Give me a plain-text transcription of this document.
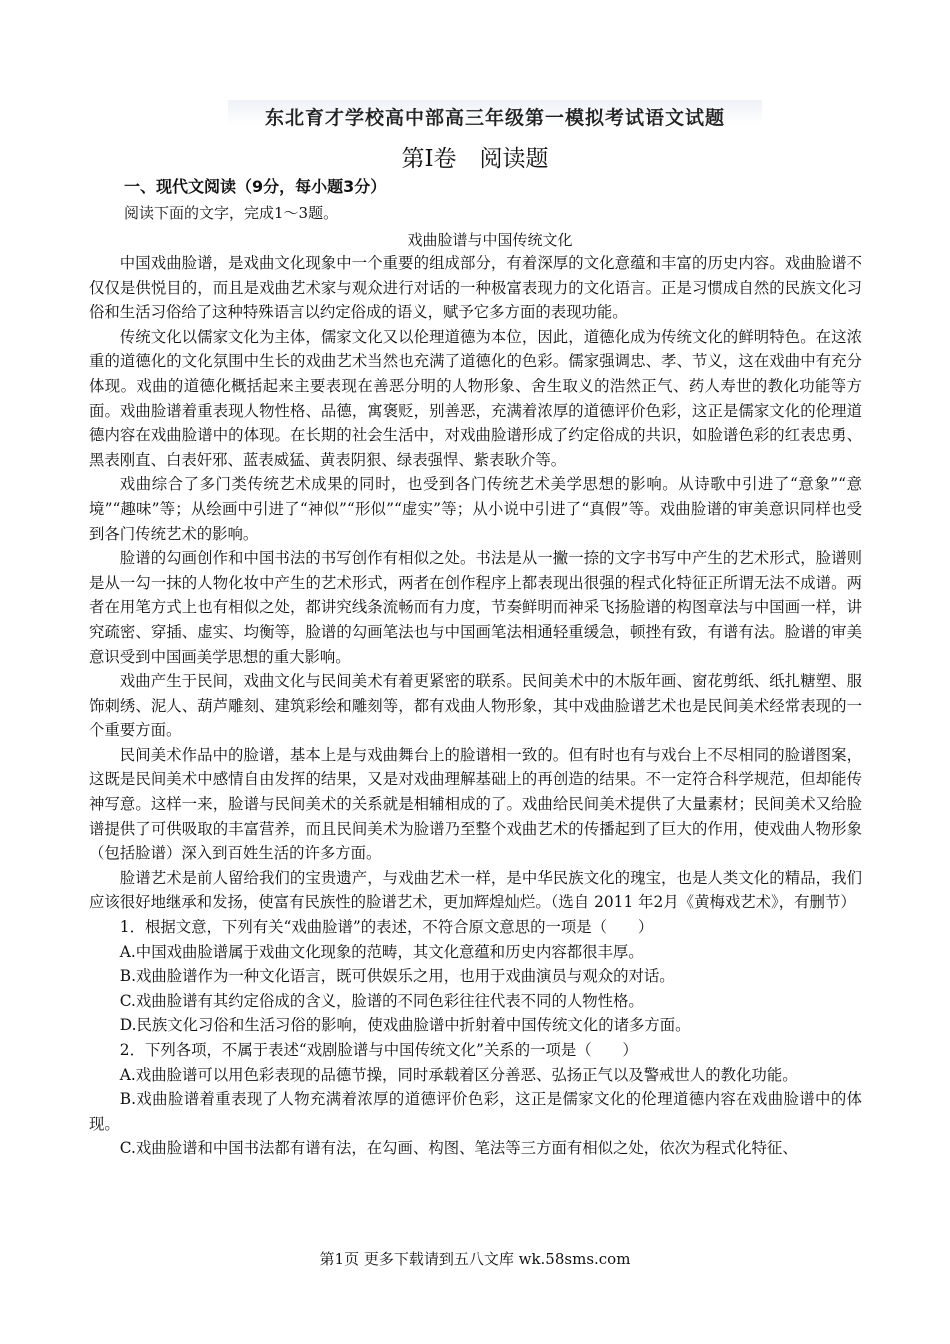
东北育才学校高中部高三年级第一模拟考试语文试题
第Ⅰ卷　阅读题
一、现代文阅读（9分，每小题3分）
阅读下面的文字，完成1～3题。
戏曲脸谱与中国传统文化

中国戏曲脸谱，是戏曲文化现象中一个重要的组成部分，有着深厚的文化意蕴和丰富的历史内容。戏曲脸谱不仅仅是供悦目的，而且是戏曲艺术家与观众进行对话的一种极富表现力的文化语言。正是习惯成自然的民族文化习俗和生活习俗给了这种特殊语言以约定俗成的语义，赋予它多方面的表现功能。

传统文化以儒家文化为主体，儒家文化又以伦理道德为本位，因此，道德化成为传统文化的鲜明特色。在这浓重的道德化的文化氛围中生长的戏曲艺术当然也充满了道德化的色彩。儒家强调忠、孝、节义，这在戏曲中有充分体现。戏曲的道德化概括起来主要表现在善恶分明的人物形象、舍生取义的浩然正气、药人寿世的教化功能等方面。戏曲脸谱着重表现人物性格、品德，寓褒贬，别善恶，充满着浓厚的道德评价色彩，这正是儒家文化的伦理道德内容在戏曲脸谱中的体现。在长期的社会生活中，对戏曲脸谱形成了约定俗成的共识，如脸谱色彩的红表忠勇、黑表刚直、白表奸邪、蓝表威猛、黄表阴狠、绿表强悍、紫表耿介等。

戏曲综合了多门类传统艺术成果的同时，也受到各门传统艺术美学思想的影响。从诗歌中引进了“意象”“意境”“趣味”等；从绘画中引进了“神似”“形似”“虚实”等；从小说中引进了“真假”等。戏曲脸谱的审美意识同样也受到各门传统艺术的影响。

脸谱的勾画创作和中国书法的书写创作有相似之处。书法是从一撇一捺的文字书写中产生的艺术形式，脸谱则是从一勾一抹的人物化妆中产生的艺术形式，两者在创作程序上都表现出很强的程式化特征正所谓无法不成谱。两者在用笔方式上也有相似之处，都讲究线条流畅而有力度，节奏鲜明而神采飞扬脸谱的构图章法与中国画一样，讲究疏密、穿插、虚实、均衡等，脸谱的勾画笔法也与中国画笔法相通轻重缓急，顿挫有致，有谱有法。脸谱的审美意识受到中国画美学思想的重大影响。

戏曲产生于民间，戏曲文化与民间美术有着更紧密的联系。民间美术中的木版年画、窗花剪纸、纸扎糖塑、服饰刺绣、泥人、葫芦雕刻、建筑彩绘和雕刻等，都有戏曲人物形象，其中戏曲脸谱艺术也是民间美术经常表现的一个重要方面。

民间美术作品中的脸谱，基本上是与戏曲舞台上的脸谱相一致的。但有时也有与戏台上不尽相同的脸谱图案，这既是民间美术中感情自由发挥的结果，又是对戏曲理解基础上的再创造的结果。不一定符合科学规范，但却能传神写意。这样一来，脸谱与民间美术的关系就是相辅相成的了。戏曲给民间美术提供了大量素材；民间美术又给脸谱提供了可供吸取的丰富营养，而且民间美术为脸谱乃至整个戏曲艺术的传播起到了巨大的作用，使戏曲人物形象（包括脸谱）深入到百姓生活的许多方面。

脸谱艺术是前人留给我们的宝贵遗产，与戏曲艺术一样，是中华民族文化的瑰宝，也是人类文化的精品，我们应该很好地继承和发扬，使富有民族性的脸谱艺术，更加辉煌灿烂。（选自 2011 年2月《黄梅戏艺术》，有删节）

1．根据文意，下列有关“戏曲脸谱”的表述，不符合原文意思的一项是（　　）

A.中国戏曲脸谱属于戏曲文化现象的范畴，其文化意蕴和历史内容都很丰厚。

B.戏曲脸谱作为一种文化语言，既可供娱乐之用，也用于戏曲演员与观众的对话。

C.戏曲脸谱有其约定俗成的含义，脸谱的不同色彩往往代表不同的人物性格。

D.民族文化习俗和生活习俗的影响，使戏曲脸谱中折射着中国传统文化的诸多方面。

2．下列各项，不属于表述“戏剧脸谱与中国传统文化”关系的一项是（　　）

A.戏曲脸谱可以用色彩表现的品德节操，同时承载着区分善恶、弘扬正气以及警戒世人的教化功能。

B.戏曲脸谱着重表现了人物充满着浓厚的道德评价色彩，这正是儒家文化的伦理道德内容在戏曲脸谱中的体现。

C.戏曲脸谱和中国书法都有谱有法，在勾画、构图、笔法等三方面有相似之处，依次为程式化特征、

第1页 更多下载请到五八文库 wk.58sms.com
